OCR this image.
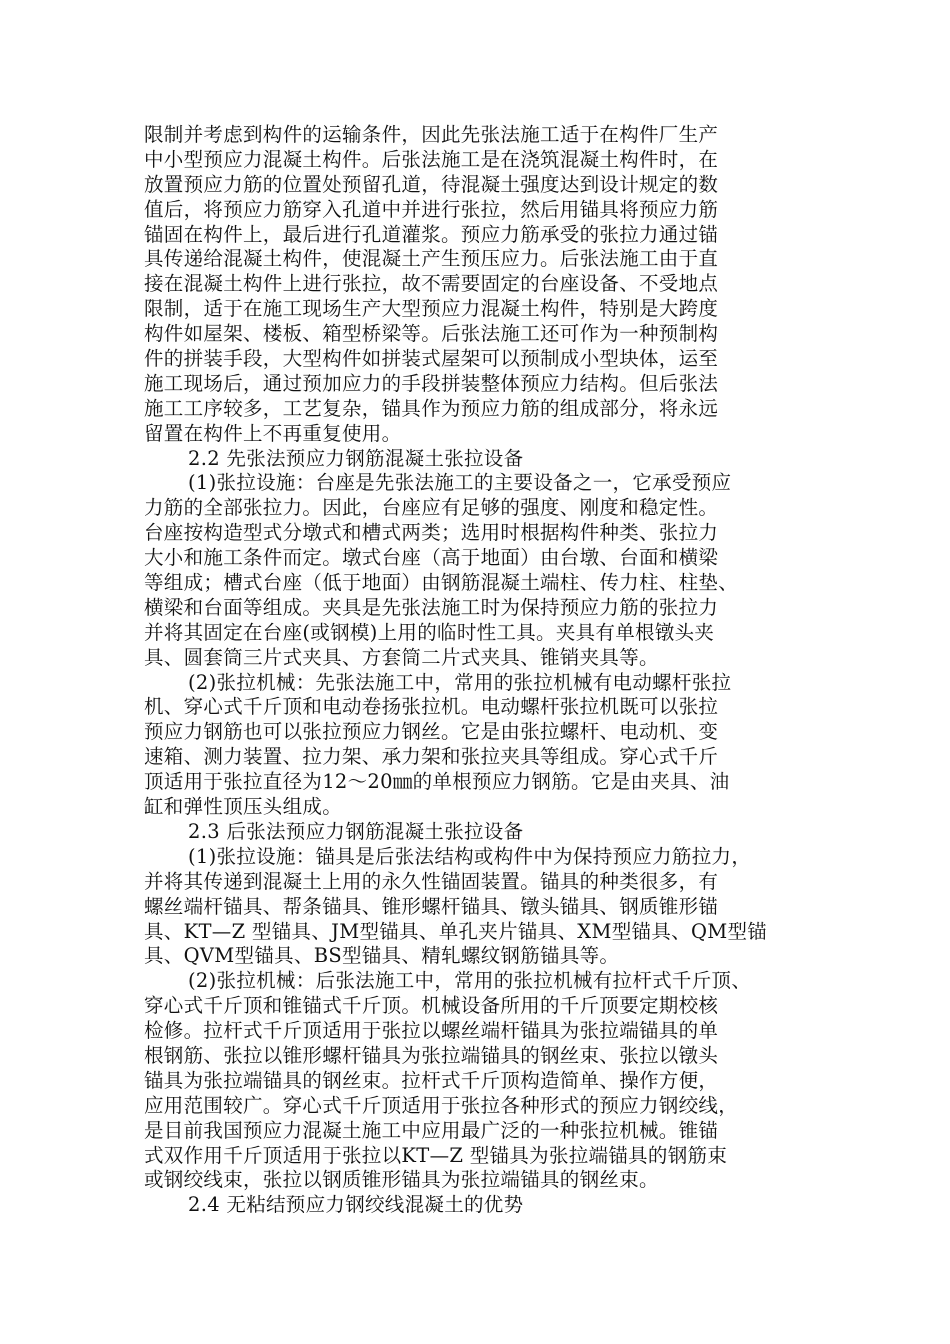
限制并考虑到构件的运输条件，因此先张法施工适于在构件厂生产
中小型预应力混凝土构件。后张法施工是在浇筑混凝土构件时，在
放置预应力筋的位置处预留孔道，待混凝土强度达到设计规定的数
值后，将预应力筋穿入孔道中并进行张拉，然后用锚具将预应力筋
锚固在构件上，最后进行孔道灌浆。预应力筋承受的张拉力通过锚
具传递给混凝土构件，使混凝土产生预压应力。后张法施工由于直
接在混凝土构件上进行张拉，故不需要固定的台座设备、不受地点
限制，适于在施工现场生产大型预应力混凝土构件，特别是大跨度
构件如屋架、楼板、箱型桥梁等。后张法施工还可作为一种预制构
件的拼装手段，大型构件如拼装式屋架可以预制成小型块体，运至
施工现场后，通过预加应力的手段拼装整体预应力结构。但后张法
施工工序较多，工艺复杂，锚具作为预应力筋的组成部分，将永远
留置在构件上不再重复使用。
2.2 先张法预应力钢筋混凝土张拉设备
(1)张拉设施：台座是先张法施工的主要设备之一，它承受预应
力筋的全部张拉力。因此，台座应有足够的强度、刚度和稳定性。
台座按构造型式分墩式和槽式两类；选用时根据构件种类、张拉力
大小和施工条件而定。墩式台座（高于地面）由台墩、台面和横梁
等组成；槽式台座（低于地面）由钢筋混凝土端柱、传力柱、柱垫、
横梁和台面等组成。夹具是先张法施工时为保持预应力筋的张拉力
并将其固定在台座(或钢模)上用的临时性工具。夹具有单根镦头夹
具、圆套筒三片式夹具、方套筒二片式夹具、锥销夹具等。
(2)张拉机械：先张法施工中，常用的张拉机械有电动螺杆张拉
机、穿心式千斤顶和电动卷扬张拉机。电动螺杆张拉机既可以张拉
预应力钢筋也可以张拉预应力钢丝。它是由张拉螺杆、电动机、变
速箱、测力装置、拉力架、承力架和张拉夹具等组成。穿心式千斤
顶适用于张拉直径为12～20㎜的单根预应力钢筋。它是由夹具、油
缸和弹性顶压头组成。
2.3 后张法预应力钢筋混凝土张拉设备
(1)张拉设施：锚具是后张法结构或构件中为保持预应力筋拉力，
并将其传递到混凝土上用的永久性锚固装置。锚具的种类很多，有
螺丝端杆锚具、帮条锚具、锥形螺杆锚具、镦头锚具、钢质锥形锚
具、KT—Z 型锚具、JM型锚具、单孔夹片锚具、XM型锚具、QM型锚
具、QVM型锚具、BS型锚具、精轧螺纹钢筋锚具等。
(2)张拉机械：后张法施工中，常用的张拉机械有拉杆式千斤顶、
穿心式千斤顶和锥锚式千斤顶。机械设备所用的千斤顶要定期校核
检修。拉杆式千斤顶适用于张拉以螺丝端杆锚具为张拉端锚具的单
根钢筋、张拉以锥形螺杆锚具为张拉端锚具的钢丝束、张拉以镦头
锚具为张拉端锚具的钢丝束。拉杆式千斤顶构造简单、操作方便，
应用范围较广。穿心式千斤顶适用于张拉各种形式的预应力钢绞线，
是目前我国预应力混凝土施工中应用最广泛的一种张拉机械。锥锚
式双作用千斤顶适用于张拉以KT—Z 型锚具为张拉端锚具的钢筋束
或钢绞线束，张拉以钢质锥形锚具为张拉端锚具的钢丝束。
2.4 无粘结预应力钢绞线混凝土的优势
